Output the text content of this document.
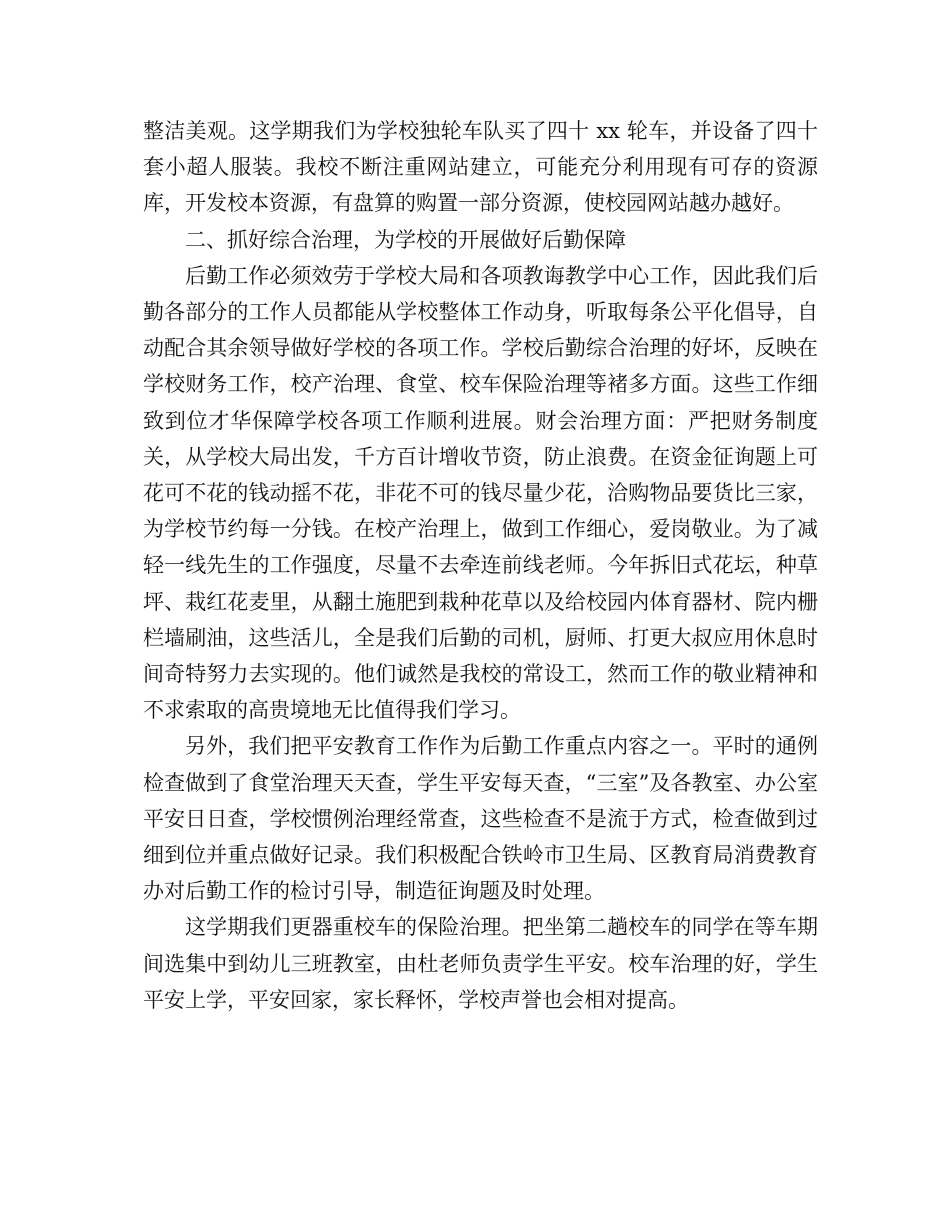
整洁美观。这学期我们为学校独轮车队买了四十 xx 轮车，并设备了四十套小超人服装。我校不断注重网站建立，可能充分利用现有可存的资源库，开发校本资源，有盘算的购置一部分资源，使校园网站越办越好。

二、抓好综合治理，为学校的开展做好后勤保障

后勤工作必须效劳于学校大局和各项教诲教学中心工作，因此我们后勤各部分的工作人员都能从学校整体工作动身，听取每条公平化倡导，自动配合其余领导做好学校的各项工作。学校后勤综合治理的好坏，反映在学校财务工作，校产治理、食堂、校车保险治理等褚多方面。这些工作细致到位才华保障学校各项工作顺利进展。财会治理方面：严把财务制度关，从学校大局出发，千方百计增收节资，防止浪费。在资金征询题上可花可不花的钱动摇不花，非花不可的钱尽量少花，洽购物品要货比三家，为学校节约每一分钱。在校产治理上，做到工作细心，爱岗敬业。为了减轻一线先生的工作强度，尽量不去牵连前线老师。今年拆旧式花坛，种草坪、栽红花麦里，从翻土施肥到栽种花草以及给校园内体育器材、院内栅栏墙刷油，这些活儿，全是我们后勤的司机，厨师、打更大叔应用休息时间奇特努力去实现的。他们诚然是我校的常设工，然而工作的敬业精神和不求索取的高贵境地无比值得我们学习。

另外，我们把平安教育工作作为后勤工作重点内容之一。平时的通例检查做到了食堂治理天天查，学生平安每天查，“三室”及各教室、办公室平安日日查，学校惯例治理经常查，这些检查不是流于方式，检查做到过细到位并重点做好记录。我们积极配合铁岭市卫生局、区教育局消费教育办对后勤工作的检讨引导，制造征询题及时处理。

这学期我们更器重校车的保险治理。把坐第二趟校车的同学在等车期间选集中到幼儿三班教室，由杜老师负责学生平安。校车治理的好，学生平安上学，平安回家，家长释怀，学校声誉也会相对提高。
